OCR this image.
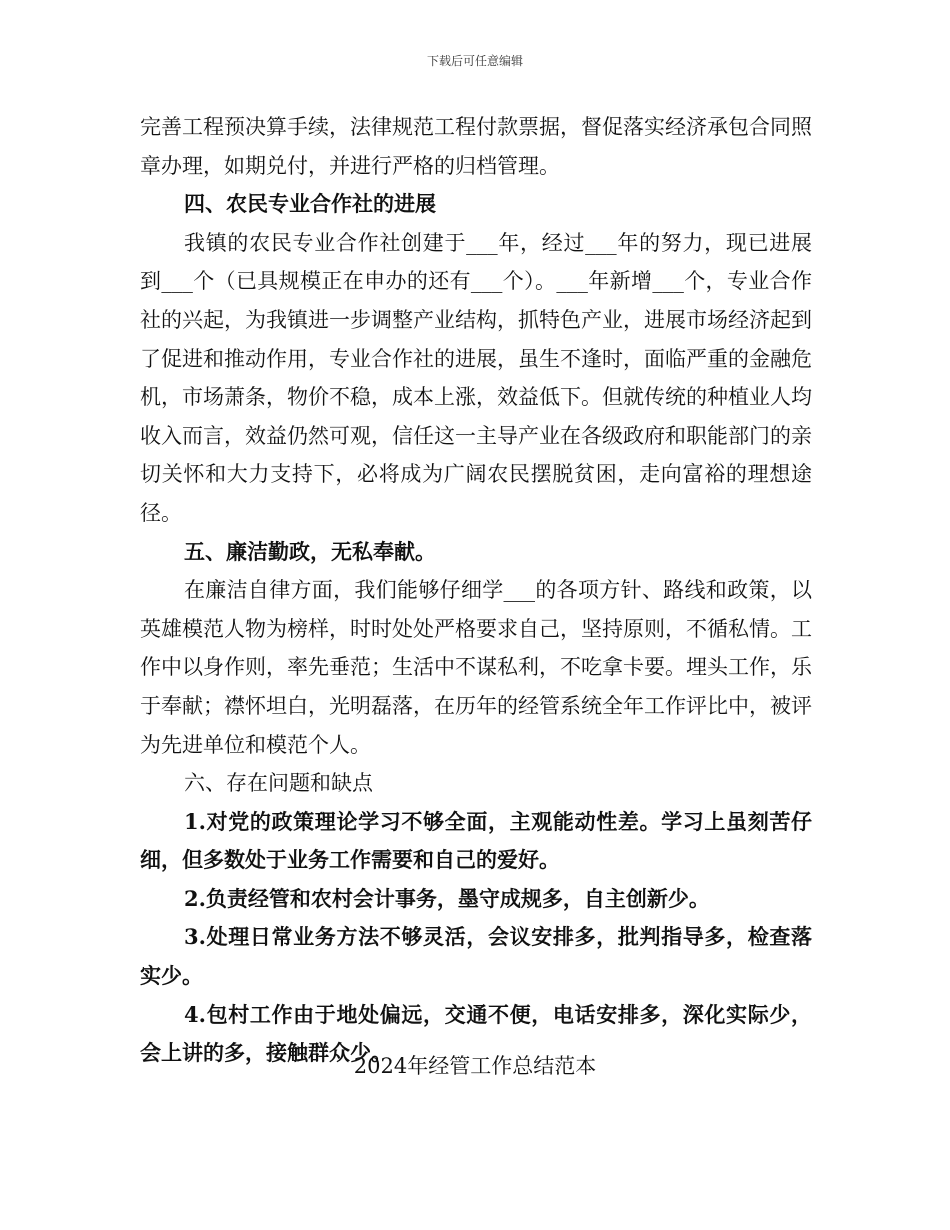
下载后可任意编辑

完善工程预决算手续，法律规范工程付款票据，督促落实经济承包合同照章办理，如期兑付，并进行严格的归档管理。

四、农民专业合作社的进展

我镇的农民专业合作社创建于___年，经过___年的努力，现已进展到___个（已具规模正在申办的还有___个）。___年新增___个，专业合作社的兴起，为我镇进一步调整产业结构，抓特色产业，进展市场经济起到了促进和推动作用，专业合作社的进展，虽生不逢时，面临严重的金融危机，市场萧条，物价不稳，成本上涨，效益低下。但就传统的种植业人均收入而言，效益仍然可观，信任这一主导产业在各级政府和职能部门的亲切关怀和大力支持下，必将成为广阔农民摆脱贫困，走向富裕的理想途径。

五、廉洁勤政，无私奉献。

在廉洁自律方面，我们能够仔细学___的各项方针、路线和政策，以英雄模范人物为榜样，时时处处严格要求自己，坚持原则，不循私情。工作中以身作则，率先垂范；生活中不谋私利，不吃拿卡要。埋头工作，乐于奉献；襟怀坦白，光明磊落，在历年的经管系统全年工作评比中，被评为先进单位和模范个人。

六、存在问题和缺点

1.对党的政策理论学习不够全面，主观能动性差。学习上虽刻苦仔细，但多数处于业务工作需要和自己的爱好。

2.负责经管和农村会计事务，墨守成规多，自主创新少。

3.处理日常业务方法不够灵活，会议安排多，批判指导多，检查落实少。

4.包村工作由于地处偏远，交通不便，电话安排多，深化实际少，会上讲的多，接触群众少。

2024年经管工作总结范本
